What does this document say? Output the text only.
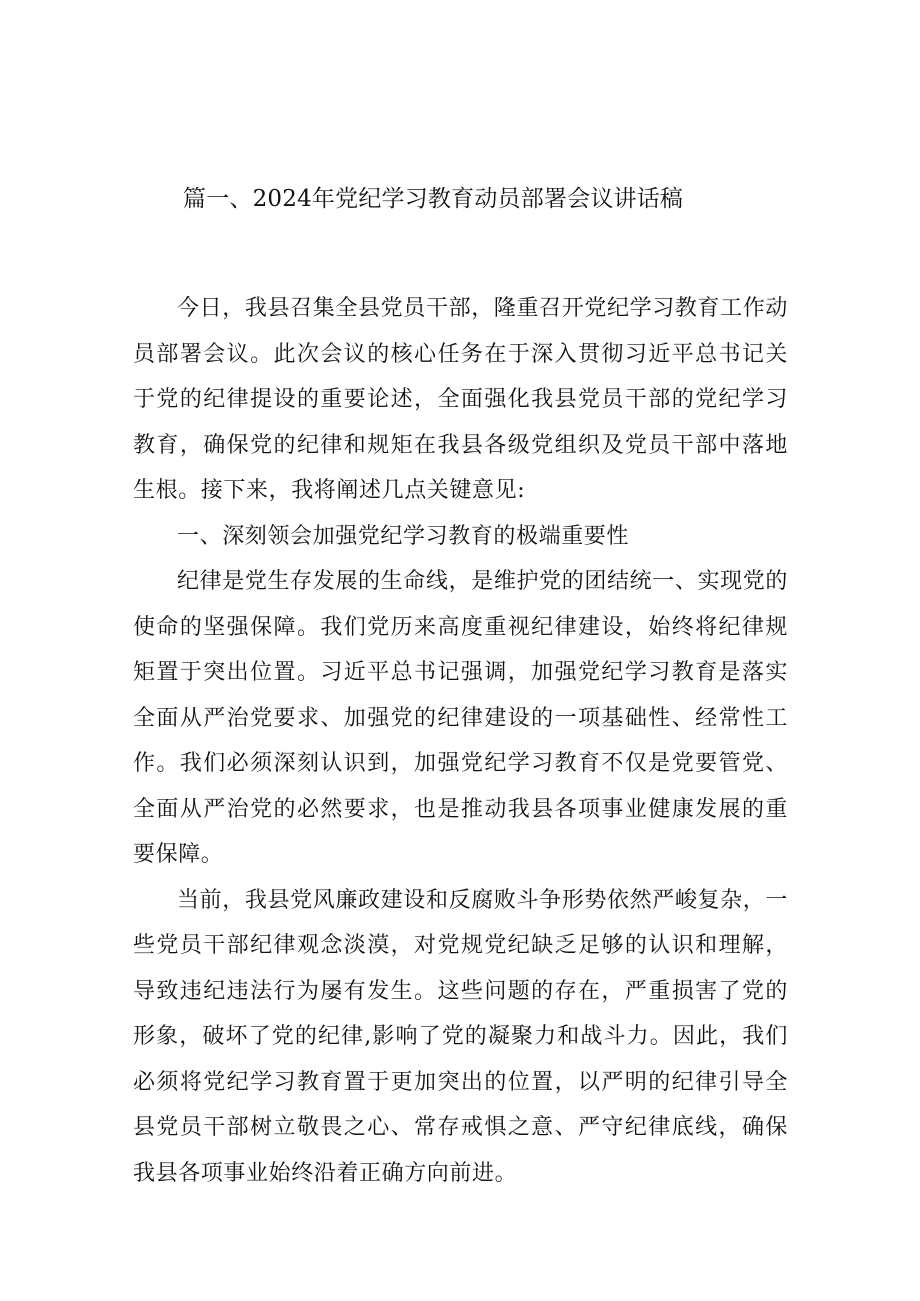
篇一、2024年党纪学习教育动员部署会议讲话稿

今日，我县召集全县党员干部，隆重召开党纪学习教育工作动员部署会议。此次会议的核心任务在于深入贯彻习近平总书记关于党的纪律提设的重要论述，全面强化我县党员干部的党纪学习教育，确保党的纪律和规矩在我县各级党组织及党员干部中落地生根。接下来，我将阐述几点关键意见:

一、深刻领会加强党纪学习教育的极端重要性

纪律是党生存发展的生命线，是维护党的团结统一、实现党的使命的坚强保障。我们党历来高度重视纪律建设，始终将纪律规矩置于突出位置。习近平总书记强调，加强党纪学习教育是落实全面从严治党要求、加强党的纪律建设的一项基础性、经常性工作。我们必须深刻认识到，加强党纪学习教育不仅是党要管党、全面从严治党的必然要求，也是推动我县各项事业健康发展的重要保障。

当前，我县党风廉政建设和反腐败斗争形势依然严峻复杂，一些党员干部纪律观念淡漠，对党规党纪缺乏足够的认识和理解，导致违纪违法行为屡有发生。这些问题的存在，严重损害了党的形象，破坏了党的纪律,影响了党的凝聚力和战斗力。因此，我们必须将党纪学习教育置于更加突出的位置，以严明的纪律引导全县党员干部树立敬畏之心、常存戒惧之意、严守纪律底线，确保我县各项事业始终沿着正确方向前进。
